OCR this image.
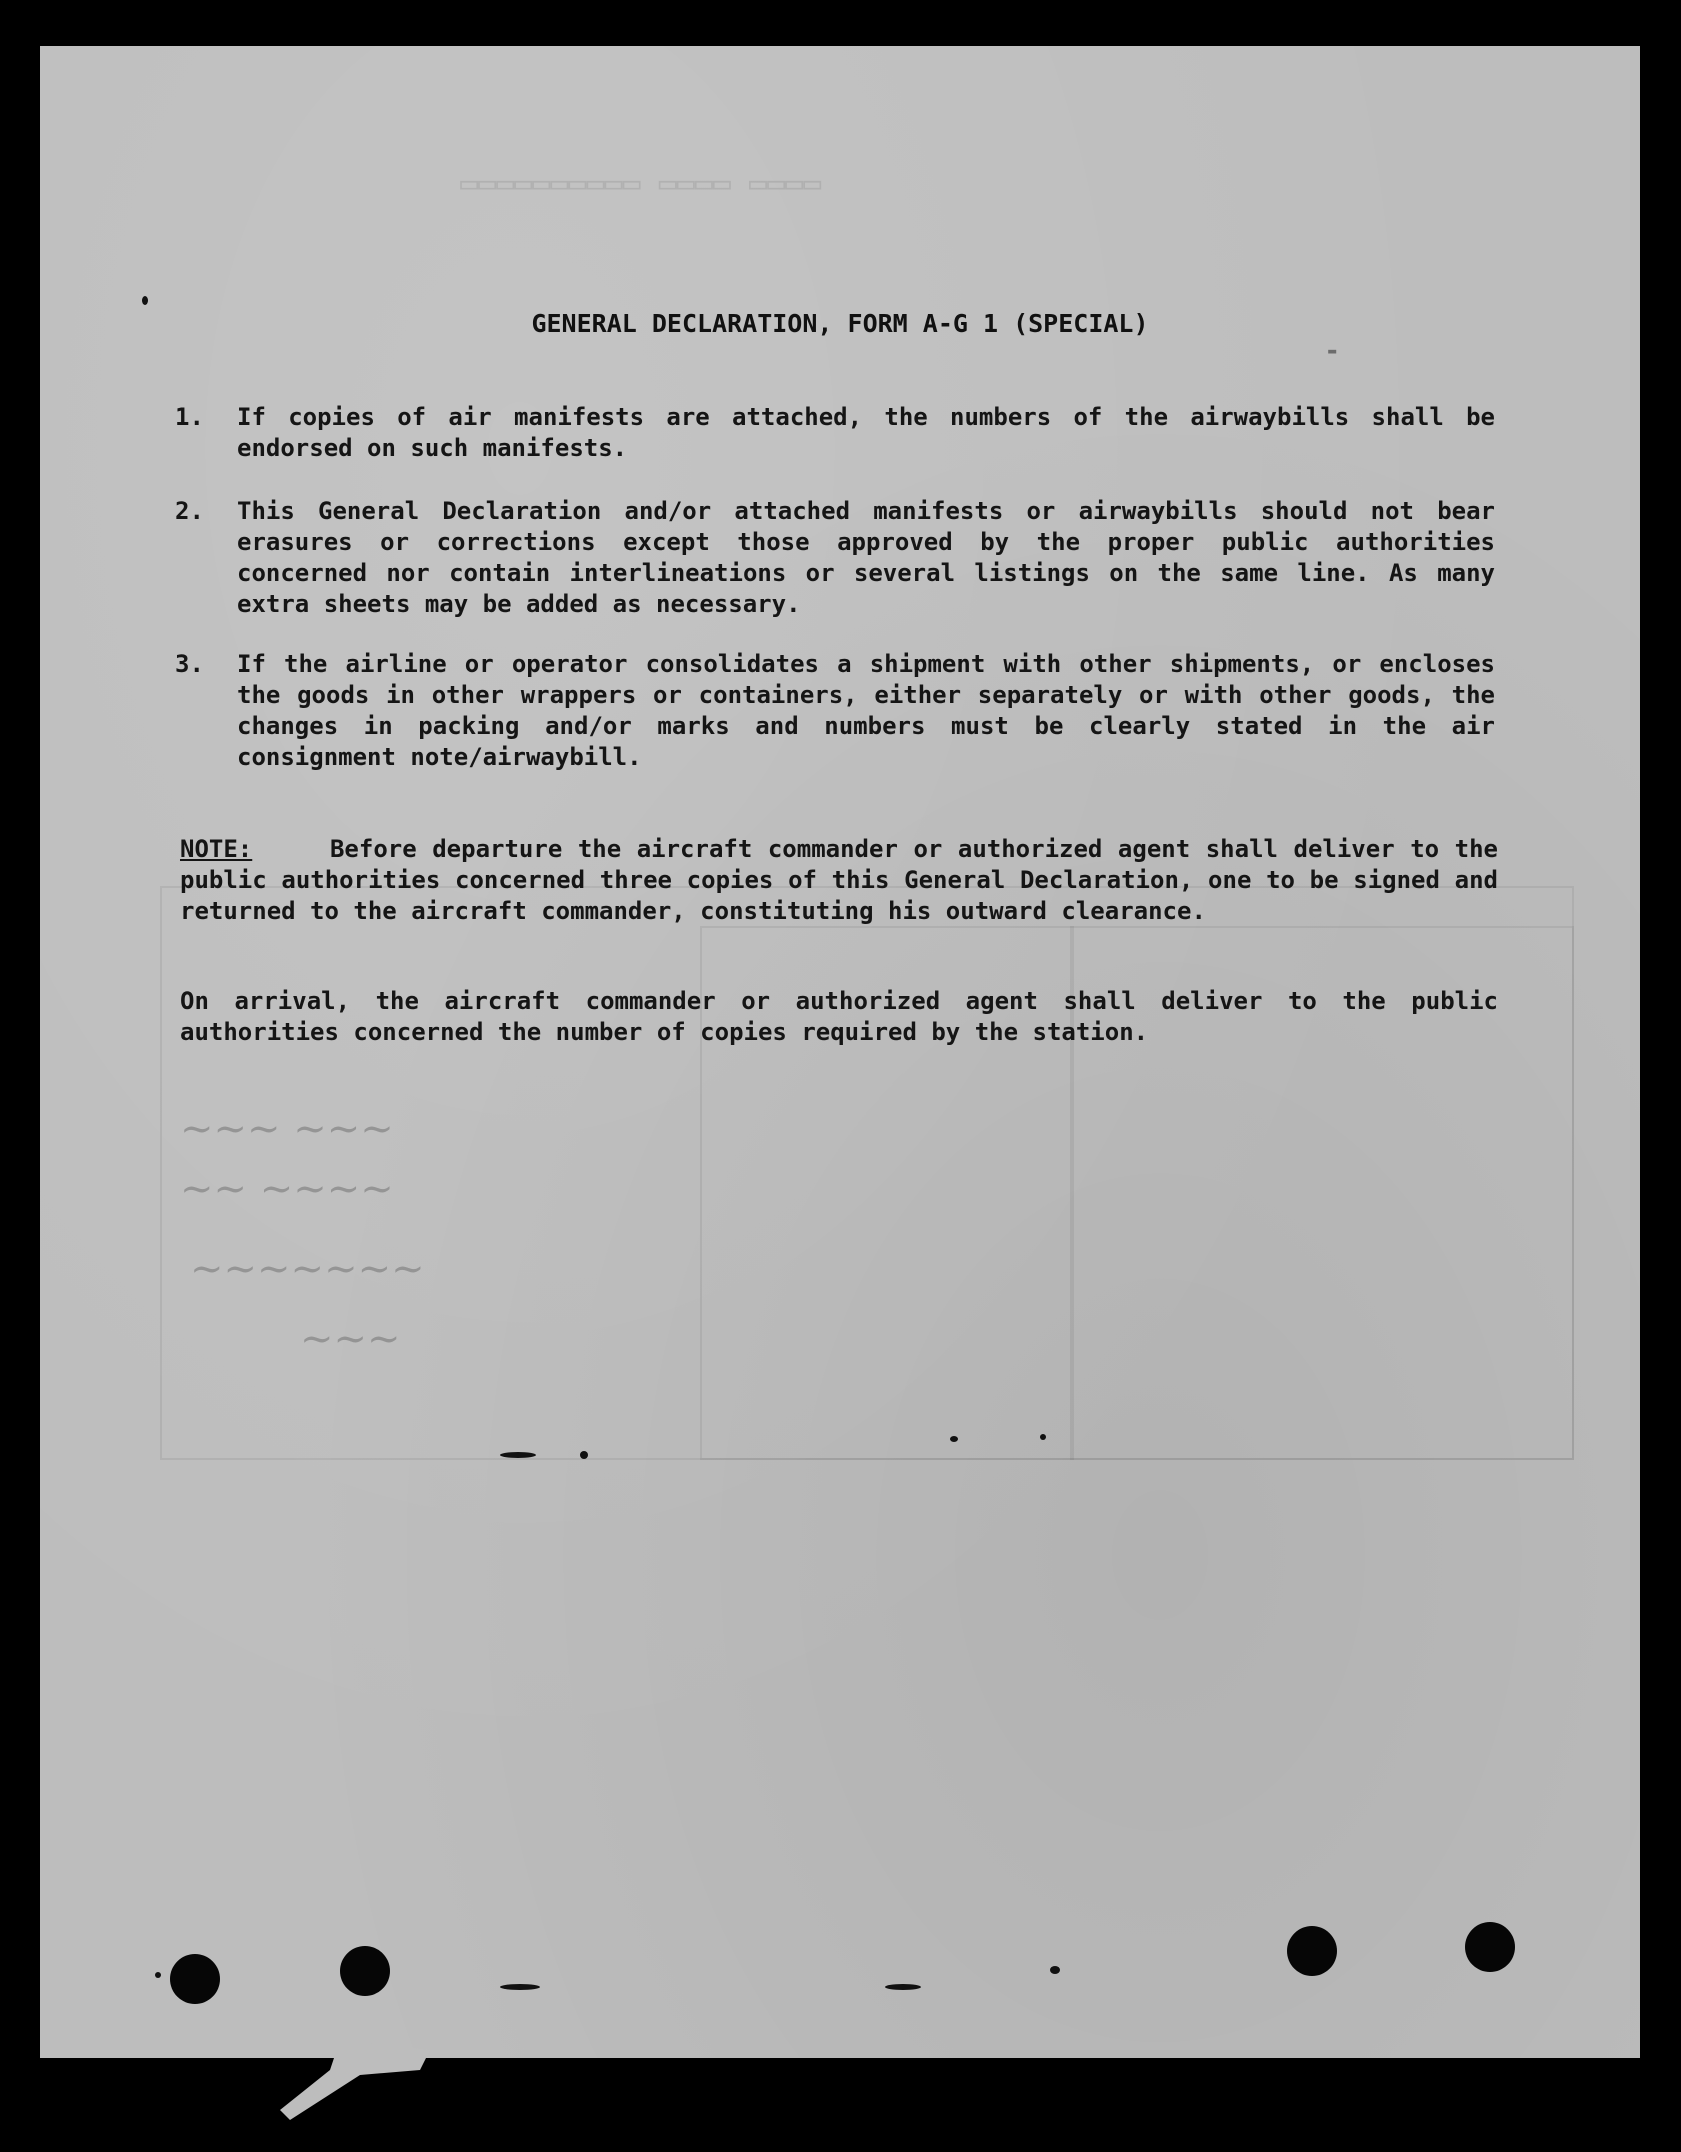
▭▭▭▭ ▭▭▭▭ ▭▭▭▭▭▭▭▭▭▭
~~~ ~~~
~~ ~~~~
~~~~~~~
~~~
-
GENERAL DECLARATION, FORM A-G 1 (SPECIAL)
1. If copies of air manifests are attached, the numbers of the airwaybills shall be endorsed on such manifests.
2. This General Declaration and/or attached manifests or airwaybills should not bear erasures or corrections except those approved by the proper public authorities concerned nor contain interlineations or several listings on the same line. As many extra sheets may be added as necessary.
3. If the airline or operator consolidates a shipment with other shipments, or encloses the goods in other wrappers or containers, either separately or with other goods, the changes in packing and/or marks and numbers must be clearly stated in the air consignment note/airwaybill.
NOTE:	Before departure the aircraft commander or authorized agent shall deliver to the public authorities concerned three copies of this General Declaration, one to be signed and returned to the aircraft commander, constituting his outward clearance.
On arrival, the aircraft commander or authorized agent shall deliver to the public authorities concerned the number of copies required by the station.
